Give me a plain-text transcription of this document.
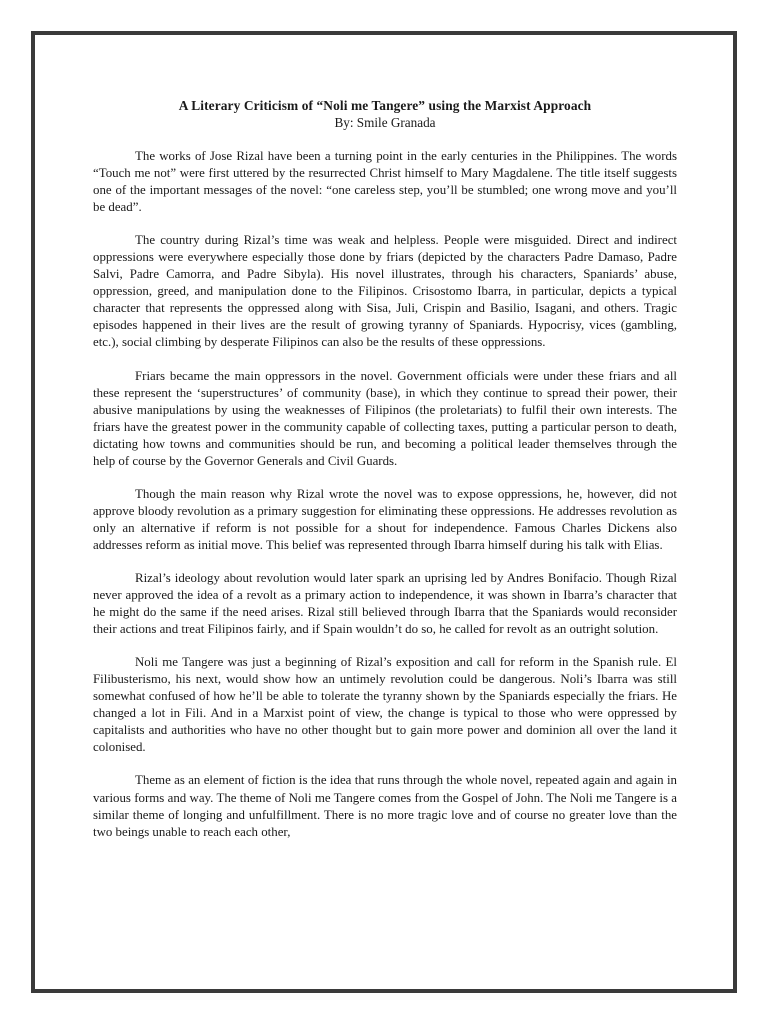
A Literary Criticism of “Noli me Tangere” using the Marxist Approach

By: Smile Granada

The works of Jose Rizal have been a turning point in the early centuries in the Philippines. The words “Touch me not” were first uttered by the resurrected Christ himself to Mary Magdalene. The title itself suggests one of the important messages of the novel: “one careless step, you’ll be stumbled; one wrong move and you’ll be dead”.

The country during Rizal’s time was weak and helpless. People were misguided. Direct and indirect oppressions were everywhere especially those done by friars (depicted by the characters Padre Damaso, Padre Salvi, Padre Camorra, and Padre Sibyla). His novel illustrates, through his characters, Spaniards’ abuse, oppression, greed, and manipulation done to the Filipinos. Crisostomo Ibarra, in particular, depicts a typical character that represents the oppressed along with Sisa, Juli, Crispin and Basilio, Isagani, and others. Tragic episodes happened in their lives are the result of growing tyranny of Spaniards. Hypocrisy, vices (gambling, etc.), social climbing by desperate Filipinos can also be the results of these oppressions.

Friars became the main oppressors in the novel. Government officials were under these friars and all these represent the ‘superstructures’ of community (base), in which they continue to spread their power, their abusive manipulations by using the weaknesses of Filipinos (the proletariats) to fulfil their own interests. The friars have the greatest power in the community capable of collecting taxes, putting a particular person to death, dictating how towns and communities should be run, and becoming a political leader themselves through the help of course by the Governor Generals and Civil Guards.

Though the main reason why Rizal wrote the novel was to expose oppressions, he, however, did not approve bloody revolution as a primary suggestion for eliminating these oppressions. He addresses revolution as only an alternative if reform is not possible for a shout for independence. Famous Charles Dickens also addresses reform as initial move. This belief was represented through Ibarra himself during his talk with Elias.

Rizal’s ideology about revolution would later spark an uprising led by Andres Bonifacio. Though Rizal never approved the idea of a revolt as a primary action to independence, it was shown in Ibarra’s character that he might do the same if the need arises. Rizal still believed through Ibarra that the Spaniards would reconsider their actions and treat Filipinos fairly, and if Spain wouldn’t do so, he called for revolt as an outright solution.

Noli me Tangere was just a beginning of Rizal’s exposition and call for reform in the Spanish rule. El Filibusterismo, his next, would show how an untimely revolution could be dangerous. Noli’s Ibarra was still somewhat confused of how he’ll be able to tolerate the tyranny shown by the Spaniards especially the friars. He changed a lot in Fili. And in a Marxist point of view, the change is typical to those who were oppressed by capitalists and authorities who have no other thought but to gain more power and dominion all over the land it colonised.

Theme as an element of fiction is the idea that runs through the whole novel, repeated again and again in various forms and way. The theme of Noli me Tangere comes from the Gospel of John. The Noli me Tangere is a similar theme of longing and unfulfillment. There is no more tragic love and of course no greater love than the two beings unable to reach each other,
